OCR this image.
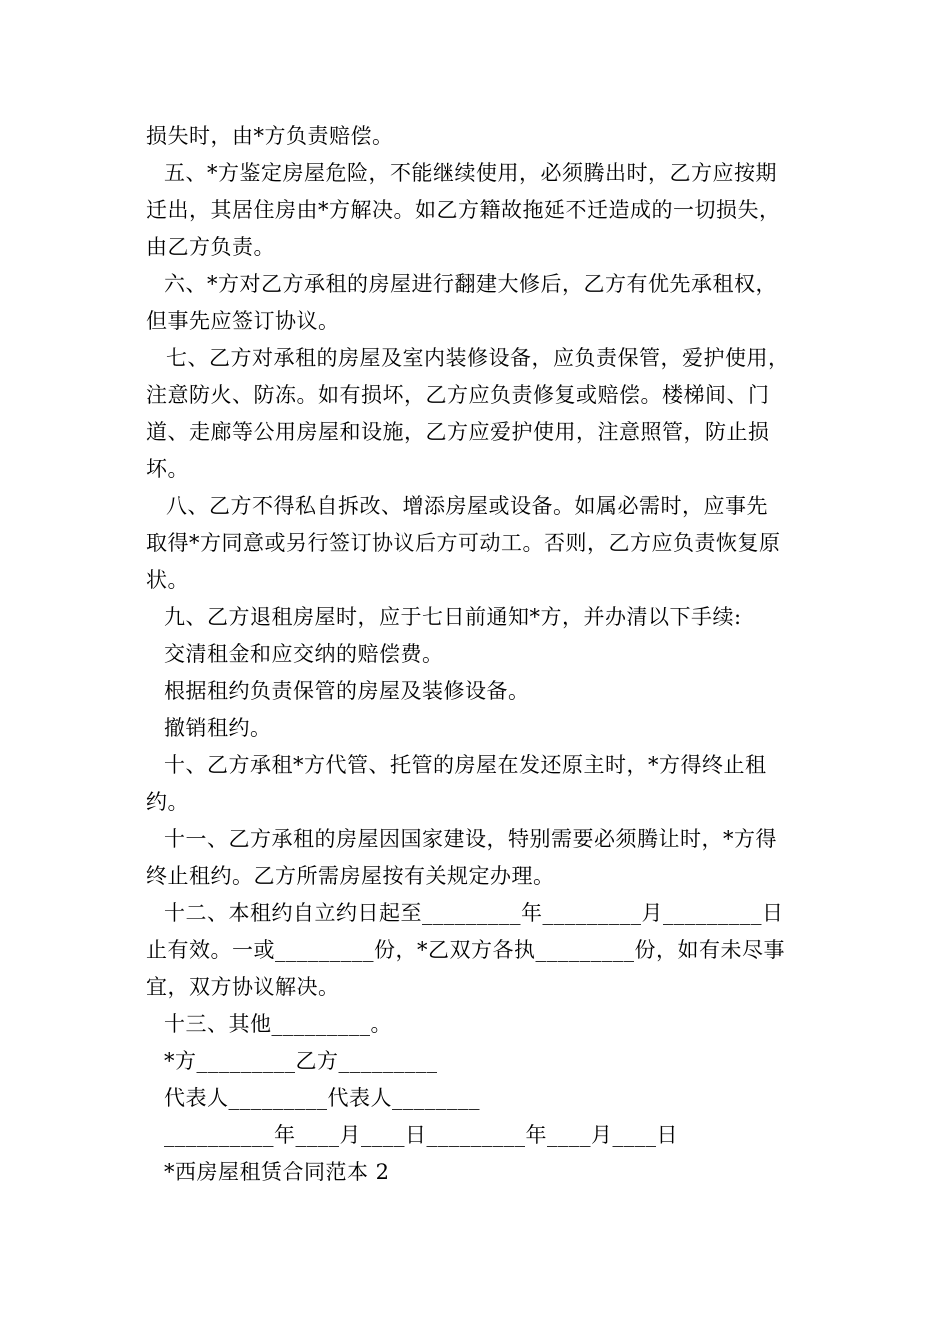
损失时，由*方负责赔偿。
五、*方鉴定房屋危险，不能继续使用，必须腾出时，乙方应按期
迁出，其居住房由*方解决。如乙方籍故拖延不迁造成的一切损失，
由乙方负责。
六、*方对乙方承租的房屋进行翻建大修后，乙方有优先承租权，
但事先应签订协议。
七、乙方对承租的房屋及室内装修设备，应负责保管，爱护使用，
注意防火、防冻。如有损坏，乙方应负责修复或赔偿。楼梯间、门
道、走廊等公用房屋和设施，乙方应爱护使用，注意照管，防止损
坏。
八、乙方不得私自拆改、增添房屋或设备。如属必需时，应事先
取得*方同意或另行签订协议后方可动工。否则，乙方应负责恢复原
状。
九、乙方退租房屋时，应于七日前通知*方，并办清以下手续:
交清租金和应交纳的赔偿费。
根据租约负责保管的房屋及装修设备。
撤销租约。
十、乙方承租*方代管、托管的房屋在发还原主时，*方得终止租
约。
十一、乙方承租的房屋因国家建设，特别需要必须腾让时，*方得
终止租约。乙方所需房屋按有关规定办理。
十二、本租约自立约日起至_________年_________月_________日
止有效。一或_________份，*乙双方各执_________份，如有未尽事
宜，双方协议解决。
十三、其他_________。
*方_________乙方_________
代表人_________代表人________
__________年____月____日_________年____月____日
*西房屋租赁合同范本 2
